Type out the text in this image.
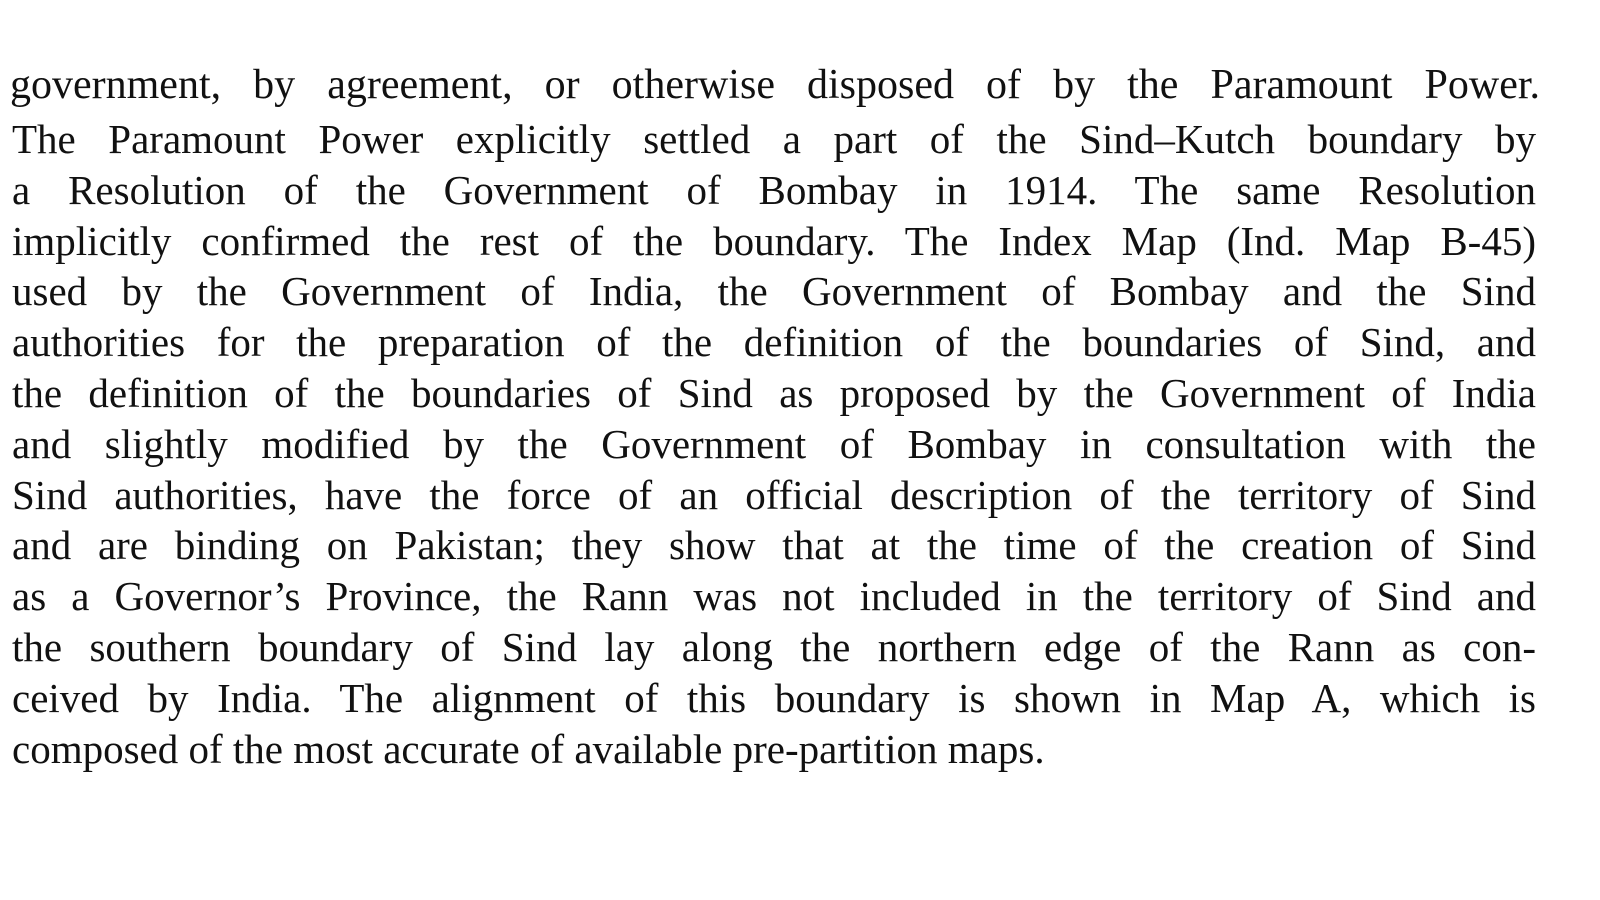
government, by agreement, or otherwise disposed of by the Paramount Power.

The Paramount Power explicitly settled a part of the Sind–Kutch boundary by
a Resolution of the Government of Bombay in 1914. The same Resolution
implicitly confirmed the rest of the boundary. The Index Map (Ind. Map B-45)
used by the Government of India, the Government of Bombay and the Sind
authorities for the preparation of the definition of the boundaries of Sind, and
the definition of the boundaries of Sind as proposed by the Government of India
and slightly modified by the Government of Bombay in consultation with the
Sind authorities, have the force of an official description of the territory of Sind
and are binding on Pakistan; they show that at the time of the creation of Sind
as a Governor’s Province, the Rann was not included in the territory of Sind and
the southern boundary of Sind lay along the northern edge of the Rann as con-
ceived by India. The alignment of this boundary is shown in Map A, which is
composed of the most accurate of available pre-partition maps.
